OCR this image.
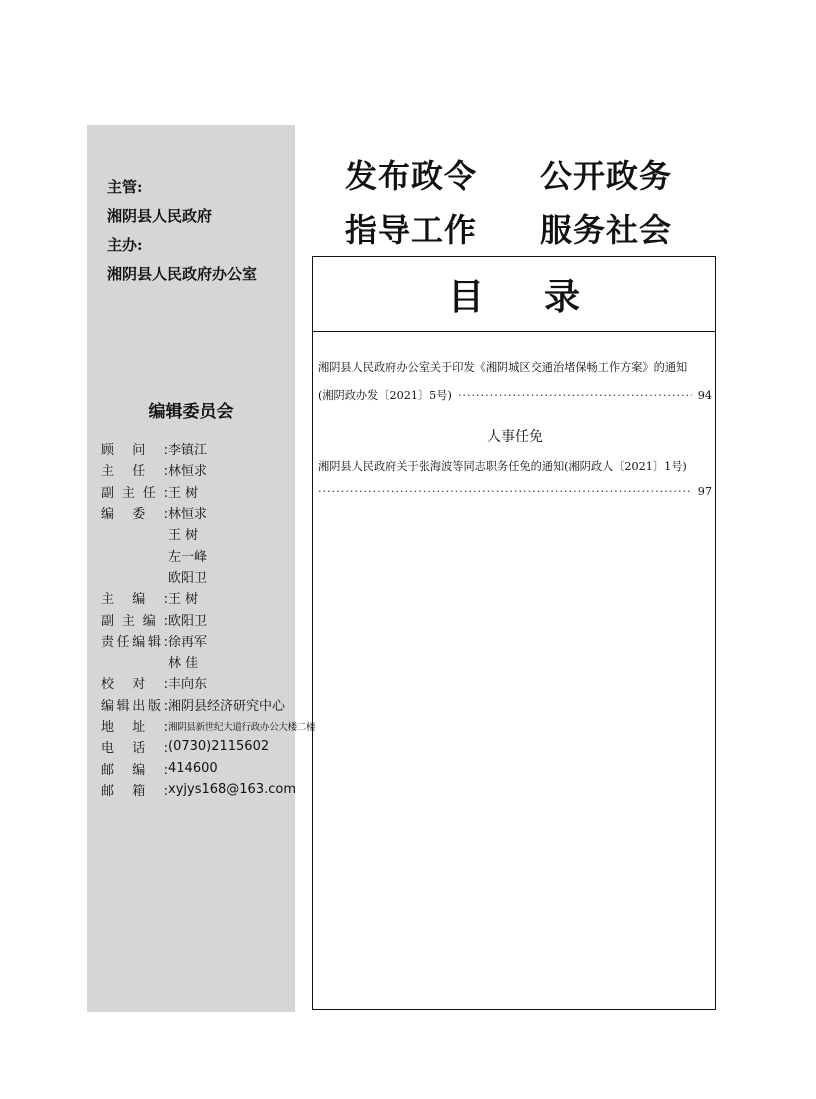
主管:
湘阴县人民政府
主办:
湘阴县人民政府办公室
编辑委员会
顾问: 李镇江
主任: 林恒求
副主任: 王 树
编委: 林恒求
王 树
左一峰
欧阳卫
主编: 王 树
副主编: 欧阳卫
责任编辑: 徐再军
林 佳
校对: 丰向东
编辑出版: 湘阴县经济研究中心
地址: 湘阴县新世纪大道行政办公大楼二楼
电话: (0730)2115602
邮编: 414600
邮箱: xyjys168@163.com
发布政令 公开政务
指导工作 服务社会
目 录
湘阴县人民政府办公室关于印发《湘阴城区交通治堵保畅工作方案》的通知
(湘阴政办发〔2021〕5号)
·····	94
人事任免
湘阴县人民政府关于张海波等同志职务任免的通知(湘阴政人〔2021〕1号)
·····
97
